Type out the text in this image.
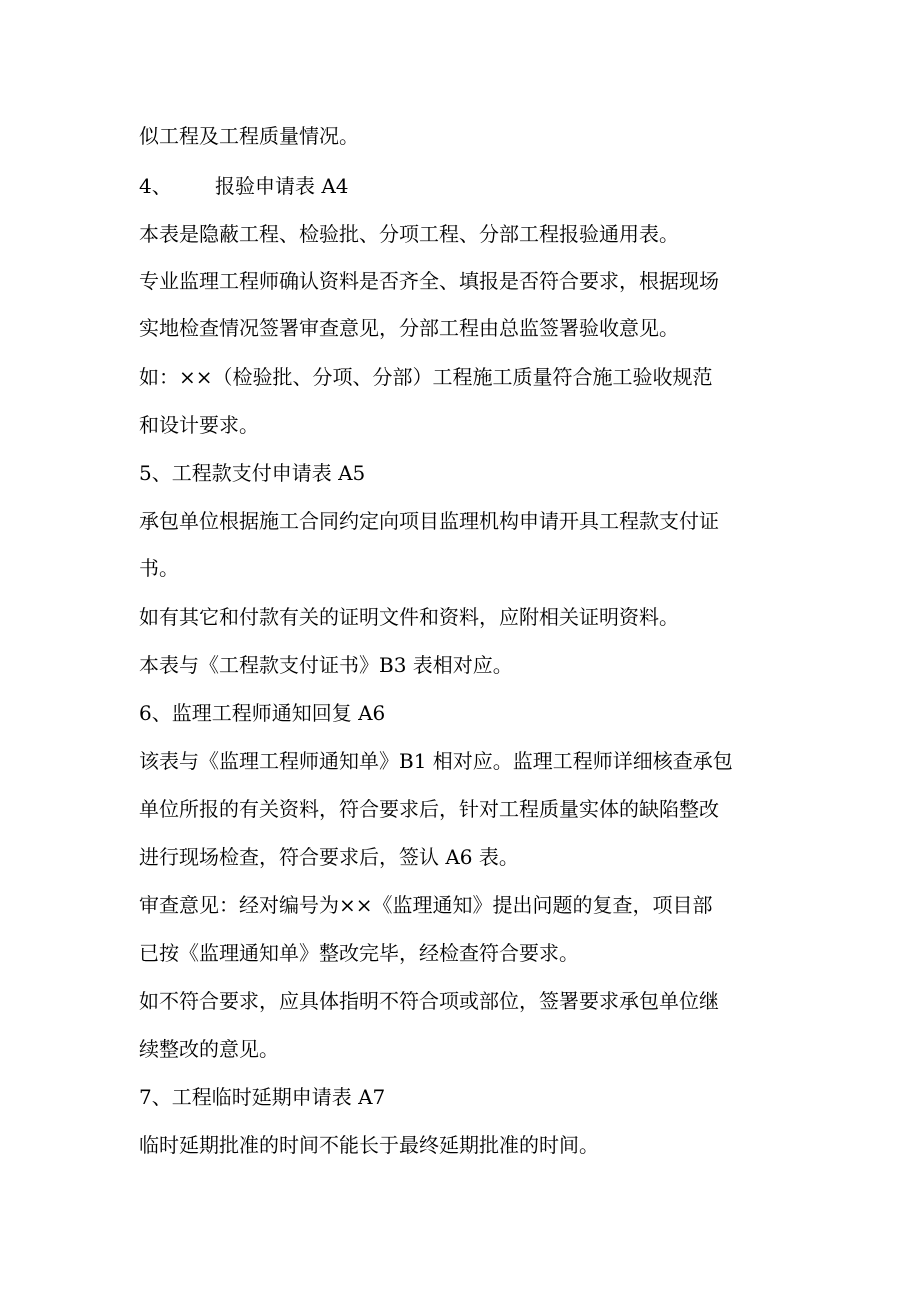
似工程及工程质量情况。

4、 报验申请表 A4

本表是隐蔽工程、检验批、分项工程、分部工程报验通用表。

专业监理工程师确认资料是否齐全、填报是否符合要求，根据现场

实地检查情况签署审查意见，分部工程由总监签署验收意见。

如：××（检验批、分项、分部）工程施工质量符合施工验收规范

和设计要求。

5、工程款支付申请表 A5

承包单位根据施工合同约定向项目监理机构申请开具工程款支付证

书。

如有其它和付款有关的证明文件和资料，应附相关证明资料。

本表与《工程款支付证书》B3 表相对应。

6、监理工程师通知回复 A6

该表与《监理工程师通知单》B1 相对应。监理工程师详细核查承包

单位所报的有关资料，符合要求后，针对工程质量实体的缺陷整改

进行现场检查，符合要求后，签认 A6 表。

审查意见：经对编号为××《监理通知》提出问题的复查，项目部

已按《监理通知单》整改完毕，经检查符合要求。

如不符合要求，应具体指明不符合项或部位，签署要求承包单位继

续整改的意见。

7、工程临时延期申请表 A7

临时延期批准的时间不能长于最终延期批准的时间。
